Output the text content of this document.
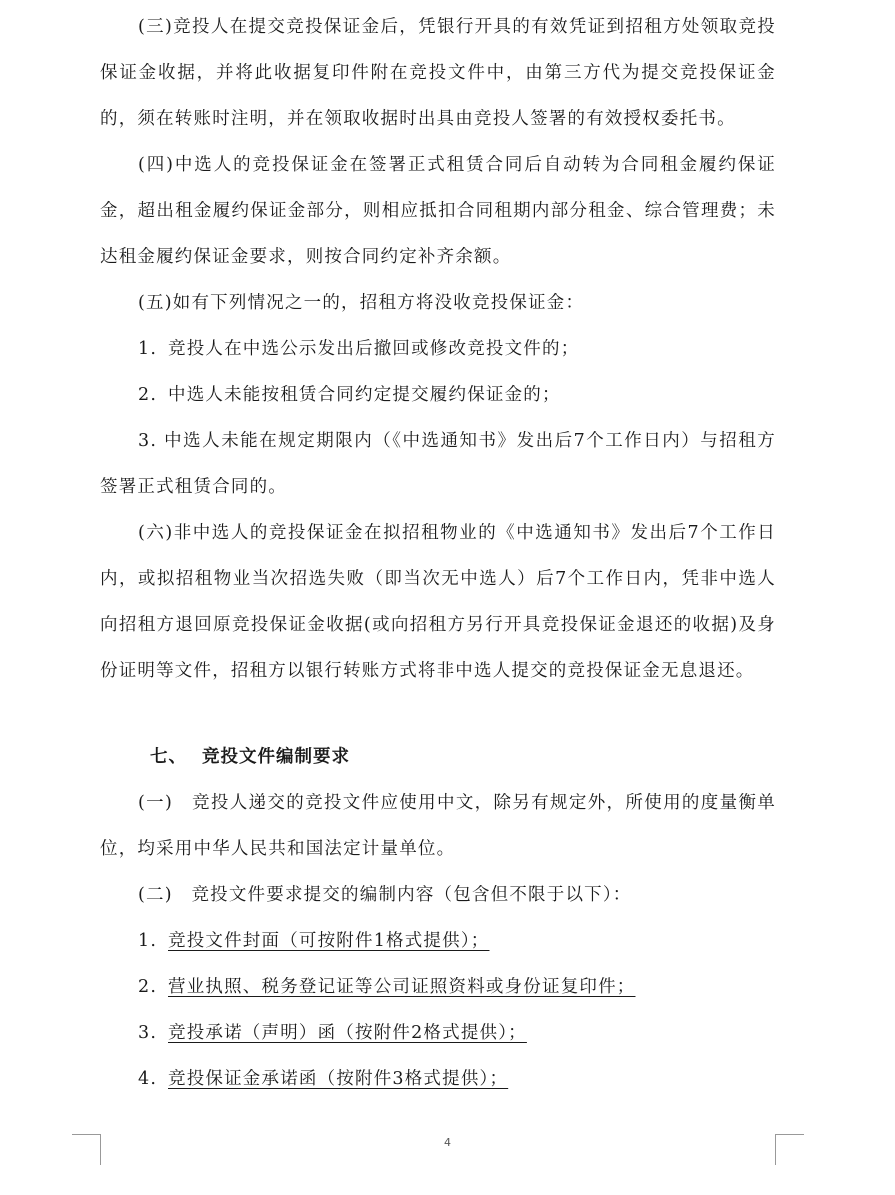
(三)竞投人在提交竞投保证金后，凭银行开具的有效凭证到招租方处领取竞投保证金收据，并将此收据复印件附在竞投文件中，由第三方代为提交竞投保证金的，须在转账时注明，并在领取收据时出具由竞投人签署的有效授权委托书。

(四)中选人的竞投保证金在签署正式租赁合同后自动转为合同租金履约保证金，超出租金履约保证金部分，则相应抵扣合同租期内部分租金、综合管理费；未达租金履约保证金要求，则按合同约定补齐余额。

(五)如有下列情况之一的，招租方将没收竞投保证金：

1. 竞投人在中选公示发出后撤回或修改竞投文件的；

2. 中选人未能按租赁合同约定提交履约保证金的；

3. 中选人未能在规定期限内（《中选通知书》发出后7个工作日内）与招租方签署正式租赁合同的。

(六)非中选人的竞投保证金在拟招租物业的《中选通知书》发出后7个工作日内，或拟招租物业当次招选失败（即当次无中选人）后7个工作日内，凭非中选人向招租方退回原竞投保证金收据(或向招租方另行开具竞投保证金退还的收据)及身份证明等文件，招租方以银行转账方式将非中选人提交的竞投保证金无息退还。

七、 竞投文件编制要求

(一)　竞投人递交的竞投文件应使用中文，除另有规定外，所使用的度量衡单位，均采用中华人民共和国法定计量单位。

(二)　竞投文件要求提交的编制内容（包含但不限于以下）：

1. 竞投文件封面（可按附件1格式提供）；

2. 营业执照、税务登记证等公司证照资料或身份证复印件；

3. 竞投承诺（声明）函（按附件2格式提供）；

4. 竞投保证金承诺函（按附件3格式提供）；

4
